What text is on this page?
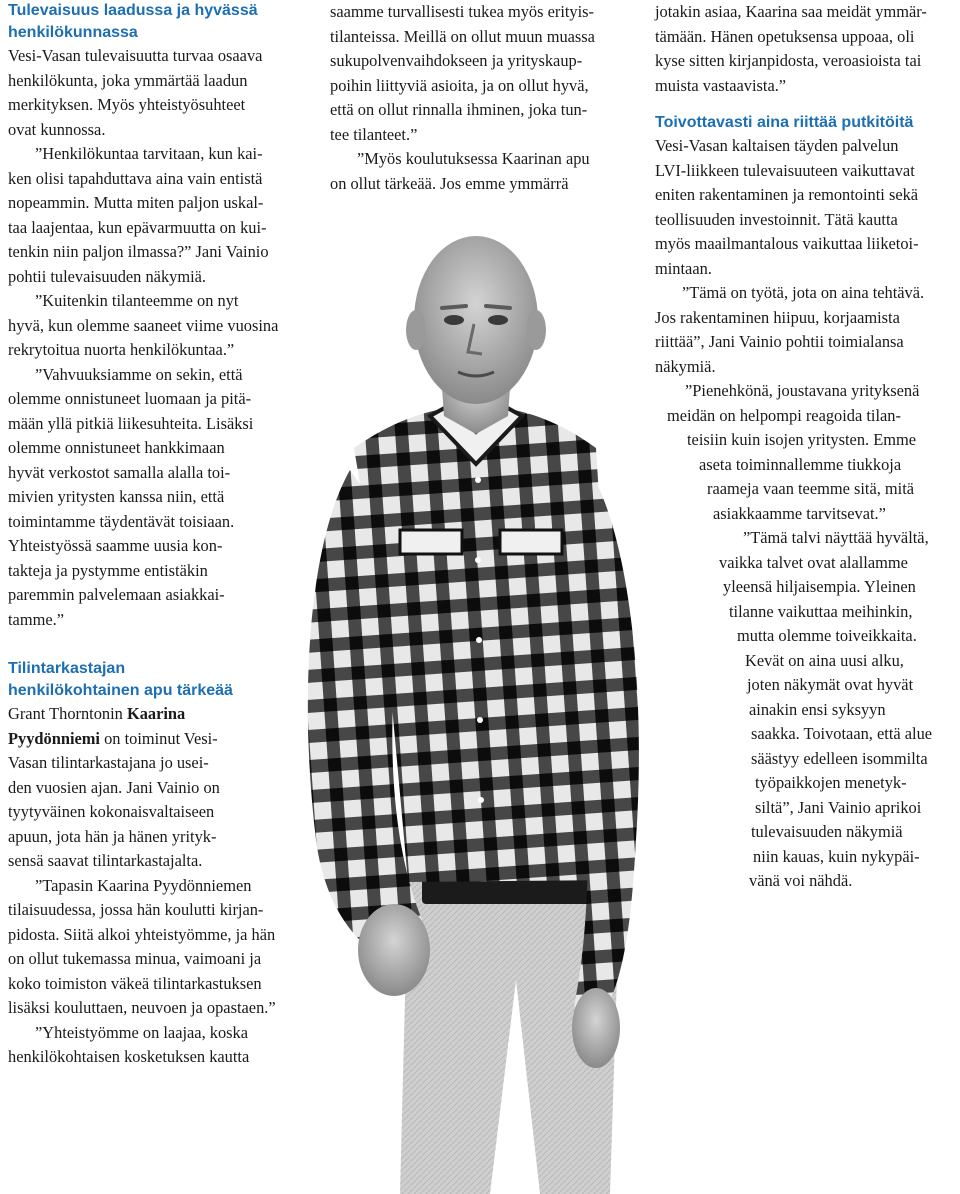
Tulevaisuus laadussa ja hyvässä
henkilökunnassa

Vesi-Vasan tulevaisuutta turvaa osaava
henkilökunta, joka ymmärtää laadun
merkityksen. Myös yhteistyösuhteet
ovat kunnossa.

”Henkilökuntaa tarvitaan, kun kai-
ken olisi tapahduttava aina vain entistä
nopeammin. Mutta miten paljon uskal-
taa laajentaa, kun epävarmuutta on kui-
tenkin niin paljon ilmassa?” Jani Vainio
pohtii tulevaisuuden näkymiä.

”Kuitenkin tilanteemme on nyt
hyvä, kun olemme saaneet viime vuosina
rekrytoitua nuorta henkilökuntaa.”

”Vahvuuksiamme on sekin, että
olemme onnistuneet luomaan ja pitä-
mään yllä pitkiä liikesuhteita. Lisäksi
olemme onnistuneet hankkimaan
hyvät verkostot samalla alalla toi-
mivien yritysten kanssa niin, että
toimintamme täydentävät toisiaan.
Yhteistyössä saamme uusia kon-
takteja ja pystymme entistäkin
paremmin palvelemaan asiakkai-
tamme.”

Tilintarkastajan
henkilökohtainen apu tärkeää

Grant Thorntonin Kaarina
Pyydönniemi on toiminut Vesi-
Vasan tilintarkastajana jo usei-
den vuosien ajan. Jani Vainio on
tyytyväinen kokonaisvaltaiseen
apuun, jota hän ja hänen yrityk-
sensä saavat tilintarkastajalta.

”Tapasin Kaarina Pyydönniemen
tilaisuudessa, jossa hän koulutti kirjan-
pidosta. Siitä alkoi yhteistyömme, ja hän
on ollut tukemassa minua, vaimoani ja
koko toimiston väkeä tilintarkastuksen
lisäksi kouluttaen, neuvoen ja opastaen.”

”Yhteistyömme on laajaa, koska
henkilökohtaisen kosketuksen kautta

saamme turvallisesti tukea myös erityis-
tilanteissa. Meillä on ollut muun muassa
sukupolvenvaihdokseen ja yrityskaup-
poihin liittyviä asioita, ja on ollut hyvä,
että on ollut rinnalla ihminen, joka tun-
tee tilanteet.”

”Myös koulutuksessa Kaarinan apu
on ollut tärkeää. Jos emme ymmärrä

jotakin asiaa, Kaarina saa meidät ymmär-
tämään. Hänen opetuksensa uppoaa, oli
kyse sitten kirjanpidosta, veroasioista tai
muista vastaavista.”

Toivottavasti aina riittää putkitöitä

Vesi-Vasan kaltaisen täyden palvelun
LVI-liikkeen tulevaisuuteen vaikuttavat
eniten rakentaminen ja remontointi sekä
teollisuuden investoinnit. Tätä kautta
myös maailmantalous vaikuttaa liiketoi-
mintaan.

”Tämä on työtä, jota on aina tehtävä.
Jos rakentaminen hiipuu, korjaamista
riittää”, Jani Vainio pohtii toimialansa
näkymiä.

”Pienehkönä, joustavana yrityksenä
meidän on helpompi reagoida tilan-
teisiin kuin isojen yritysten. Emme
aseta toiminnallemme tiukkoja
raameja vaan teemme sitä, mitä
asiakkaamme tarvitsevat.”
”Tämä talvi näyttää hyvältä,
vaikka talvet ovat alallamme
yleensä hiljaisempia. Yleinen
tilanne vaikuttaa meihinkin,
mutta olemme toiveikkaita.
Kevät on aina uusi alku,
joten näkymät ovat hyvät
ainakin ensi syksyyn
saakka. Toivotaan, että alue
säästyy edelleen isommilta
työpaikkojen menetyk-
siltä”, Jani Vainio aprikoi
tulevaisuuden näkymiä
niin kauas, kuin nykypäi-
vänä voi nähdä.
